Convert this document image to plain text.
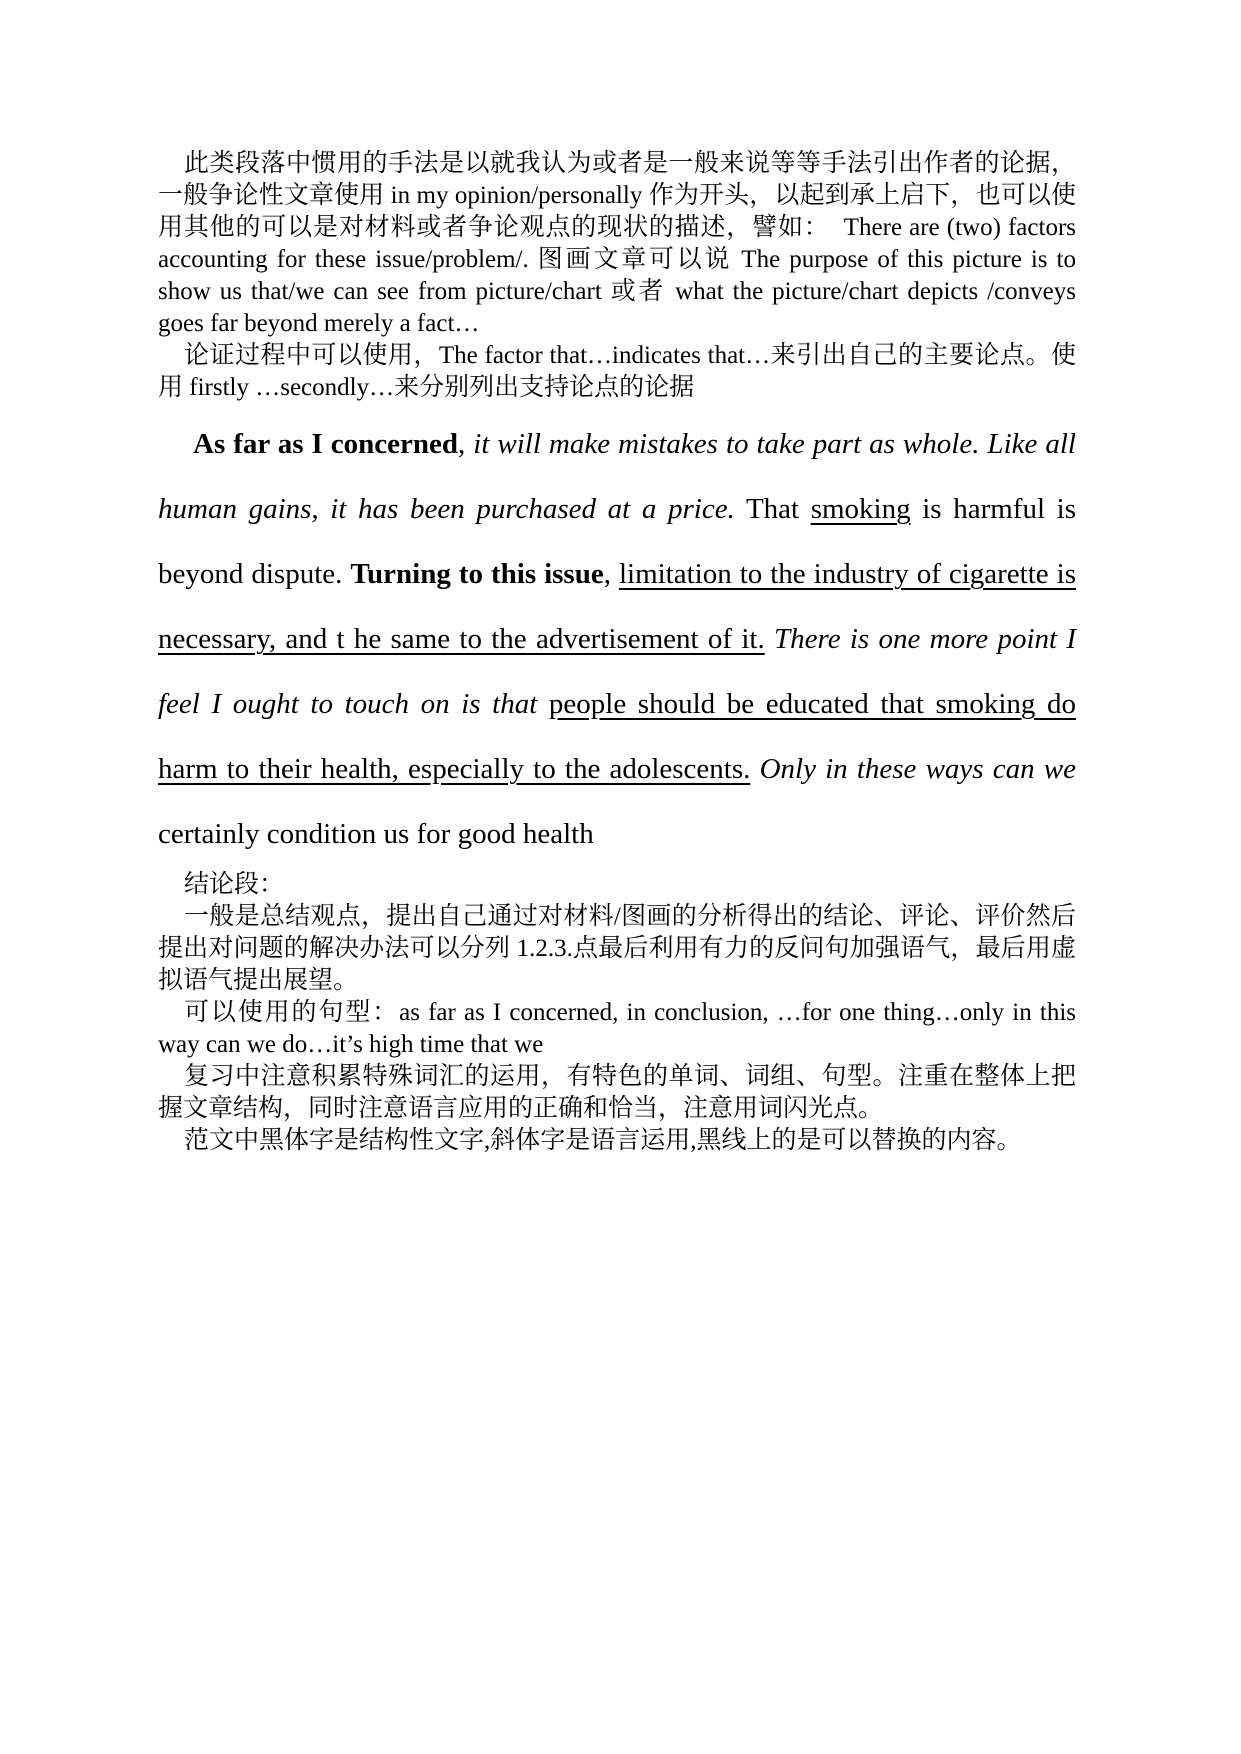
此类段落中惯用的手法是以就我认为或者是一般来说等等手法引出作者的论据，一般争论性文章使用 in my opinion/personally 作为开头，以起到承上启下，也可以使用其他的可以是对材料或者争论观点的现状的描述，譬如：  There are (two) factors accounting for these issue/problem/. 图画文章可以说 The purpose of this picture is to show us that/we can see from picture/chart 或者 what the picture/chart depicts /conveys goes far beyond merely a fact…

论证过程中可以使用，The factor that…indicates that…来引出自己的主要论点。使用 firstly …secondly…来分别列出支持论点的论据

As far as I concerned, it will make mistakes to take part as whole. Like all human gains, it has been purchased at a price. That smoking is harmful is beyond dispute. Turning to this issue, limitation to the industry of cigarette is necessary, and t he same to the advertisement of it. There is one more point I feel I ought to touch on is that people should be educated that smoking do harm to their health, especially to the adolescents. Only in these ways can we certainly condition us for good health

结论段：

一般是总结观点，提出自己通过对材料/图画的分析得出的结论、评论、评价然后提出对问题的解决办法可以分列 1.2.3.点最后利用有力的反问句加强语气，最后用虚拟语气提出展望。

可以使用的句型：as far as I concerned, in conclusion, …for one thing…only in this way can we do…it’s high time that we

复习中注意积累特殊词汇的运用，有特色的单词、词组、句型。注重在整体上把握文章结构，同时注意语言应用的正确和恰当，注意用词闪光点。

范文中黑体字是结构性文字,斜体字是语言运用,黑线上的是可以替换的内容。
